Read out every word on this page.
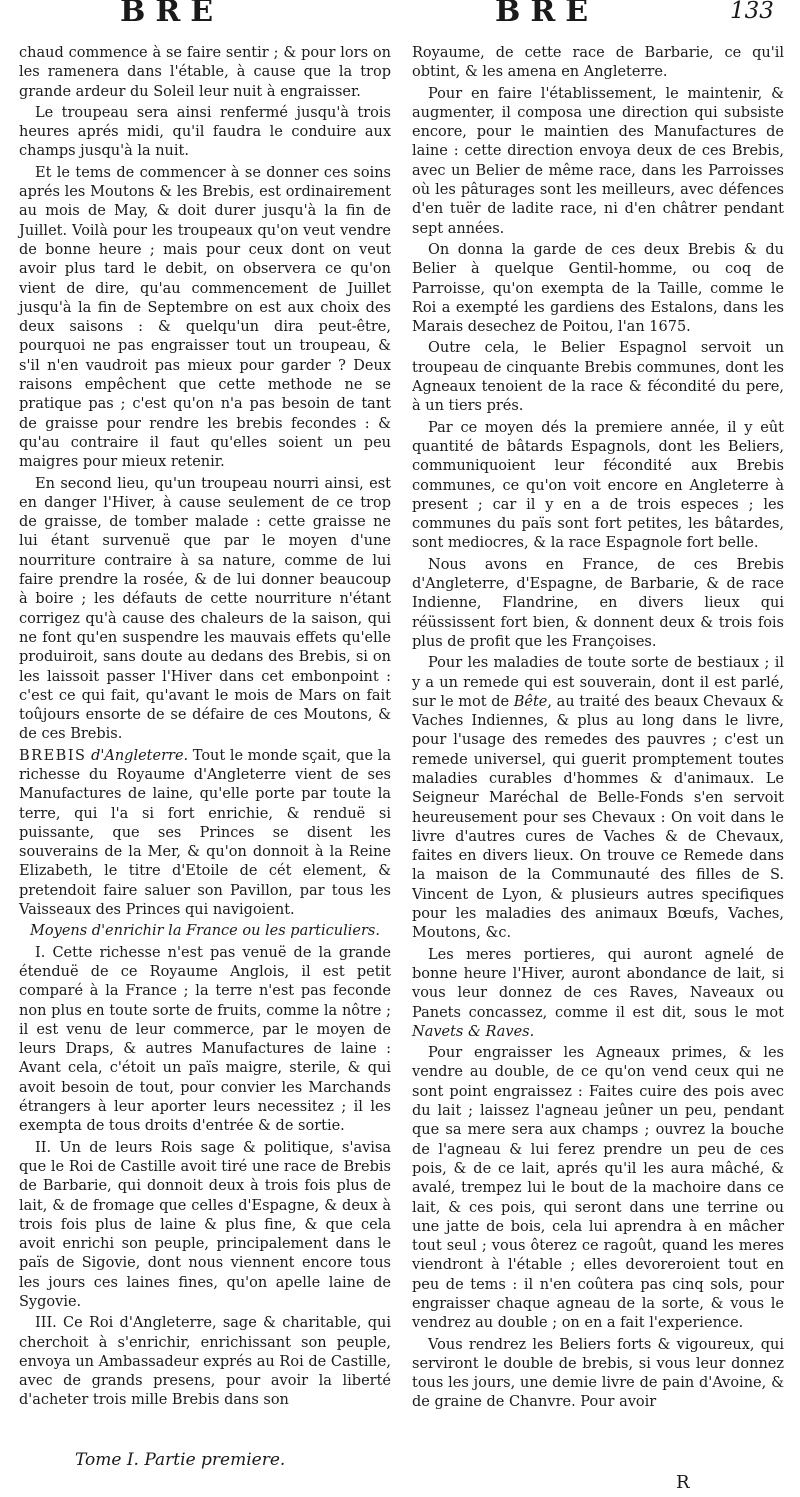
BRE	BRE	133

chaud commence à se faire sentir ; & pour lors on les ramenera dans l'étable, à cause que la trop grande ardeur du Soleil leur nuit à engraisser.

Le troupeau sera ainsi renfermé jusqu'à trois heures aprés midi, qu'il faudra le conduire aux champs jusqu'à la nuit.

Et le tems de commencer à se donner ces soins aprés les Moutons & les Brebis, est ordinairement au mois de May, & doit durer jusqu'à la fin de Juillet. Voilà pour les troupeaux qu'on veut vendre de bonne heure ; mais pour ceux dont on veut avoir plus tard le debit, on observera ce qu'on vient de dire, qu'au commencement de Juillet jusqu'à la fin de Septembre on est aux choix des deux saisons : & quelqu'un dira peut-être, pourquoi ne pas engraisser tout un troupeau, & s'il n'en vaudroit pas mieux pour garder ? Deux raisons empêchent que cette methode ne se pratique pas ; c'est qu'on n'a pas besoin de tant de graisse pour rendre les brebis fecondes : & qu'au contraire il faut qu'elles soient un peu maigres pour mieux retenir.

En second lieu, qu'un troupeau nourri ainsi, est en danger l'Hiver, à cause seulement de ce trop de graisse, de tomber malade : cette graisse ne lui étant survenuë que par le moyen d'une nourriture contraire à sa nature, comme de lui faire prendre la rosée, & de lui donner beaucoup à boire ; les défauts de cette nourriture n'étant corrigez qu'à cause des chaleurs de la saison, qui ne font qu'en suspendre les mauvais effets qu'elle produiroit, sans doute au dedans des Brebis, si on les laissoit passer l'Hiver dans cet embonpoint : c'est ce qui fait, qu'avant le mois de Mars on fait toûjours ensorte de se défaire de ces Moutons, & de ces Brebis.

BREBIS d'Angleterre. Tout le monde sçait, que la richesse du Royaume d'Angleterre vient de ses Manufactures de laine, qu'elle porte par toute la terre, qui l'a si fort enrichie, & renduë si puissante, que ses Princes se disent les souverains de la Mer, & qu'on donnoit à la Reine Elizabeth, le titre d'Etoile de cét element, & pretendoit faire saluer son Pavillon, par tous les Vaisseaux des Princes qui navigoient.

Moyens d'enrichir la France ou les particuliers.

I. Cette richesse n'est pas venuë de la grande étenduë de ce Royaume Anglois, il est petit comparé à la France ; la terre n'est pas feconde non plus en toute sorte de fruits, comme la nôtre ; il est venu de leur commerce, par le moyen de leurs Draps, & autres Manufactures de laine : Avant cela, c'étoit un païs maigre, sterile, & qui avoit besoin de tout, pour convier les Marchands étrangers à leur aporter leurs necessitez ; il les exempta de tous droits d'entrée & de sortie.

II. Un de leurs Rois sage & politique, s'avisa que le Roi de Castille avoit tiré une race de Brebis de Barbarie, qui donnoit deux à trois fois plus de lait, & de fromage que celles d'Espagne, & deux à trois fois plus de laine & plus fine, & que cela avoit enrichi son peuple, principalement dans le païs de Sigovie, dont nous viennent encore tous les jours ces laines fines, qu'on apelle laine de Sygovie.

III. Ce Roi d'Angleterre, sage & charitable, qui cherchoit à s'enrichir, enrichissant son peuple, envoya un Ambassadeur exprés au Roi de Castille, avec de grands presens, pour avoir la liberté d'acheter trois mille Brebis dans son

Royaume, de cette race de Barbarie, ce qu'il obtint, & les amena en Angleterre.

Pour en faire l'établissement, le maintenir, & augmenter, il composa une direction qui subsiste encore, pour le maintien des Manufactures de laine : cette direction envoya deux de ces Brebis, avec un Belier de même race, dans les Parroisses où les pâturages sont les meilleurs, avec défences d'en tuër de ladite race, ni d'en châtrer pendant sept années.

On donna la garde de ces deux Brebis & du Belier à quelque Gentil-homme, ou coq de Parroisse, qu'on exempta de la Taille, comme le Roi a exempté les gardiens des Estalons, dans les Marais desechez de Poitou, l'an 1675.

Outre cela, le Belier Espagnol servoit un troupeau de cinquante Brebis communes, dont les Agneaux tenoient de la race & fécondité du pere, à un tiers prés.

Par ce moyen dés la premiere année, il y eût quantité de bâtards Espagnols, dont les Beliers, communiquoient leur fécondité aux Brebis communes, ce qu'on voit encore en Angleterre à present ; car il y en a de trois especes ; les communes du païs sont fort petites, les bâtardes, sont mediocres, & la race Espagnole fort belle.

Nous avons en France, de ces Brebis d'Angleterre, d'Espagne, de Barbarie, & de race Indienne, Flandrine, en divers lieux qui réüssissent fort bien, & donnent deux & trois fois plus de profit que les Françoises.

Pour les maladies de toute sorte de bestiaux ; il y a un remede qui est souverain, dont il est parlé, sur le mot de Bête, au traité des beaux Chevaux & Vaches Indiennes, & plus au long dans le livre, pour l'usage des remedes des pauvres ; c'est un remede universel, qui guerit promptement toutes maladies curables d'hommes & d'animaux. Le Seigneur Maréchal de Belle-Fonds s'en servoit heureusement pour ses Chevaux : On voit dans le livre d'autres cures de Vaches & de Chevaux, faites en divers lieux. On trouve ce Remede dans la maison de la Communauté des filles de S. Vincent de Lyon, & plusieurs autres specifiques pour les maladies des animaux Bœufs, Vaches, Moutons, &c.

Les meres portieres, qui auront agnelé de bonne heure l'Hiver, auront abondance de lait, si vous leur donnez de ces Raves, Naveaux ou Panets concassez, comme il est dit, sous le mot Navets & Raves.

Pour engraisser les Agneaux primes, & les vendre au double, de ce qu'on vend ceux qui ne sont point engraissez : Faites cuire des pois avec du lait ; laissez l'agneau jeûner un peu, pendant que sa mere sera aux champs ; ouvrez la bouche de l'agneau & lui ferez prendre un peu de ces pois, & de ce lait, aprés qu'il les aura mâché, & avalé, trempez lui le bout de la machoire dans ce lait, & ces pois, qui seront dans une terrine ou une jatte de bois, cela lui aprendra à en mâcher tout seul ; vous ôterez ce ragoût, quand les meres viendront à l'étable ; elles devoreroient tout en peu de tems : il n'en coûtera pas cinq sols, pour engraisser chaque agneau de la sorte, & vous le vendrez au double ; on en a fait l'experience.

Vous rendrez les Beliers forts & vigoureux, qui serviront le double de brebis, si vous leur donnez tous les jours, une demie livre de pain d'Avoine, & de graine de Chanvre. Pour avoir

Tome I. Partie premiere.
R
